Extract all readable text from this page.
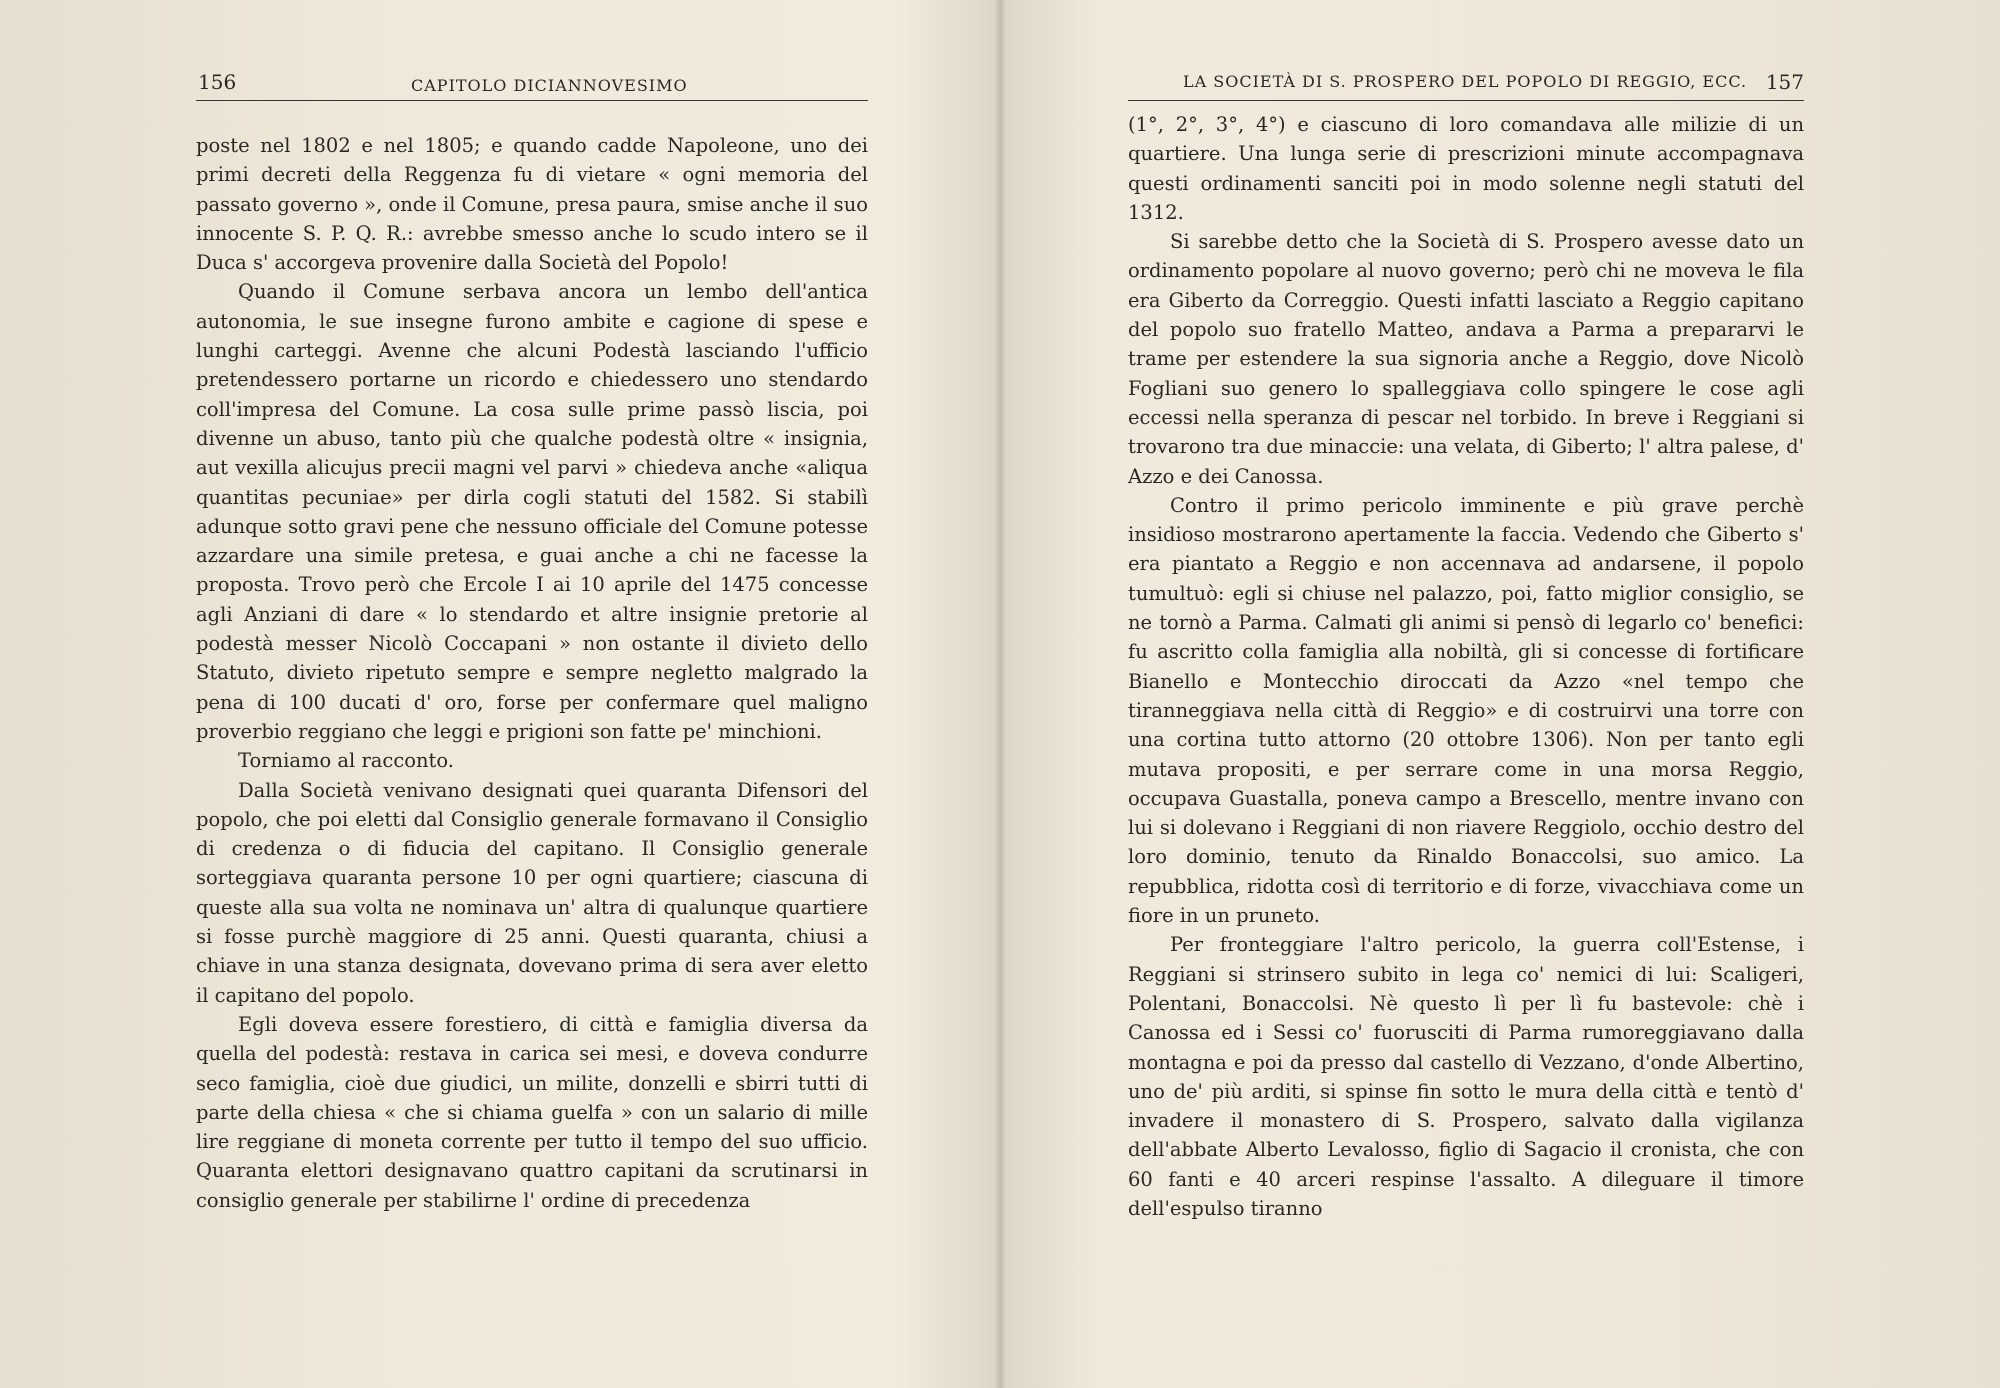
156	CAPITOLO DICIANNOVESIMO

poste nel 1802 e nel 1805; e quando cadde Napoleone, uno dei primi decreti della Reggenza fu di vietare « ogni memoria del passato governo », onde il Comune, presa paura, smise anche il suo innocente S. P. Q. R.: avrebbe smesso anche lo scudo intero se il Duca s' accorgeva provenire dalla Società del Popolo!

Quando il Comune serbava ancora un lembo dell'antica autonomia, le sue insegne furono ambite e cagione di spese e lunghi carteggi. Avenne che alcuni Podestà lasciando l'ufficio pretendessero portarne un ricordo e chiedessero uno stendardo coll'impresa del Comune. La cosa sulle prime passò liscia, poi divenne un abuso, tanto più che qualche podestà oltre « insignia, aut vexilla alicujus precii magni vel parvi » chiedeva anche «aliqua quantitas pecuniae» per dirla cogli statuti del 1582. Si stabilì adunque sotto gravi pene che nessuno officiale del Comune potesse azzardare una simile pretesa, e guai anche a chi ne facesse la proposta. Trovo però che Ercole I ai 10 aprile del 1475 concesse agli Anziani di dare « lo stendardo et altre insignie pretorie al podestà messer Nicolò Coccapani » non ostante il divieto dello Statuto, divieto ripetuto sempre e sempre negletto malgrado la pena di 100 ducati d' oro, forse per confermare quel maligno proverbio reggiano che leggi e prigioni son fatte pe' minchioni.

Torniamo al racconto.

Dalla Società venivano designati quei quaranta Difensori del popolo, che poi eletti dal Consiglio generale formavano il Consiglio di credenza o di fiducia del capitano. Il Consiglio generale sorteggiava quaranta persone 10 per ogni quartiere; ciascuna di queste alla sua volta ne nominava un' altra di qualunque quartiere si fosse purchè maggiore di 25 anni. Questi quaranta, chiusi a chiave in una stanza designata, dovevano prima di sera aver eletto il capitano del popolo.

Egli doveva essere forestiero, di città e famiglia diversa da quella del podestà: restava in carica sei mesi, e doveva condurre seco famiglia, cioè due giudici, un milite, donzelli e sbirri tutti di parte della chiesa « che si chiama guelfa » con un salario di mille lire reggiane di moneta corrente per tutto il tempo del suo ufficio. Quaranta elettori designavano quattro capitani da scrutinarsi in consiglio generale per stabilirne l' ordine di precedenza

LA SOCIETÀ DI S. PROSPERO DEL POPOLO DI REGGIO, ECC. 157

(1°, 2°, 3°, 4°) e ciascuno di loro comandava alle milizie di un quartiere. Una lunga serie di prescrizioni minute accompagnava questi ordinamenti sanciti poi in modo solenne negli statuti del 1312.

Si sarebbe detto che la Società di S. Prospero avesse dato un ordinamento popolare al nuovo governo; però chi ne moveva le fila era Giberto da Correggio. Questi infatti lasciato a Reggio capitano del popolo suo fratello Matteo, andava a Parma a prepararvi le trame per estendere la sua signoria anche a Reggio, dove Nicolò Fogliani suo genero lo spalleggiava collo spingere le cose agli eccessi nella speranza di pescar nel torbido. In breve i Reggiani si trovarono tra due minaccie: una velata, di Giberto; l' altra palese, d' Azzo e dei Canossa.

Contro il primo pericolo imminente e più grave perchè insidioso mostrarono apertamente la faccia. Vedendo che Giberto s' era piantato a Reggio e non accennava ad andarsene, il popolo tumultuò: egli si chiuse nel palazzo, poi, fatto miglior consiglio, se ne tornò a Parma. Calmati gli animi si pensò di legarlo co' benefici: fu ascritto colla famiglia alla nobiltà, gli si concesse di fortificare Bianello e Montecchio diroccati da Azzo «nel tempo che tiranneggiava nella città di Reggio» e di costruirvi una torre con una cortina tutto attorno (20 ottobre 1306). Non per tanto egli mutava propositi, e per serrare come in una morsa Reggio, occupava Guastalla, poneva campo a Brescello, mentre invano con lui si dolevano i Reggiani di non riavere Reggiolo, occhio destro del loro dominio, tenuto da Rinaldo Bonaccolsi, suo amico. La repubblica, ridotta così di territorio e di forze, vivacchiava come un fiore in un pruneto.

Per fronteggiare l'altro pericolo, la guerra coll'Estense, i Reggiani si strinsero subito in lega co' nemici di lui: Scaligeri, Polentani, Bonaccolsi. Nè questo lì per lì fu bastevole: chè i Canossa ed i Sessi co' fuorusciti di Parma rumoreggiavano dalla montagna e poi da presso dal castello di Vezzano, d'onde Albertino, uno de' più arditi, si spinse fin sotto le mura della città e tentò d' invadere il monastero di S. Prospero, salvato dalla vigilanza dell'abbate Alberto Levalosso, figlio di Sagacio il cronista, che con 60 fanti e 40 arceri respinse l'assalto. A dileguare il timore dell'espulso tiranno
